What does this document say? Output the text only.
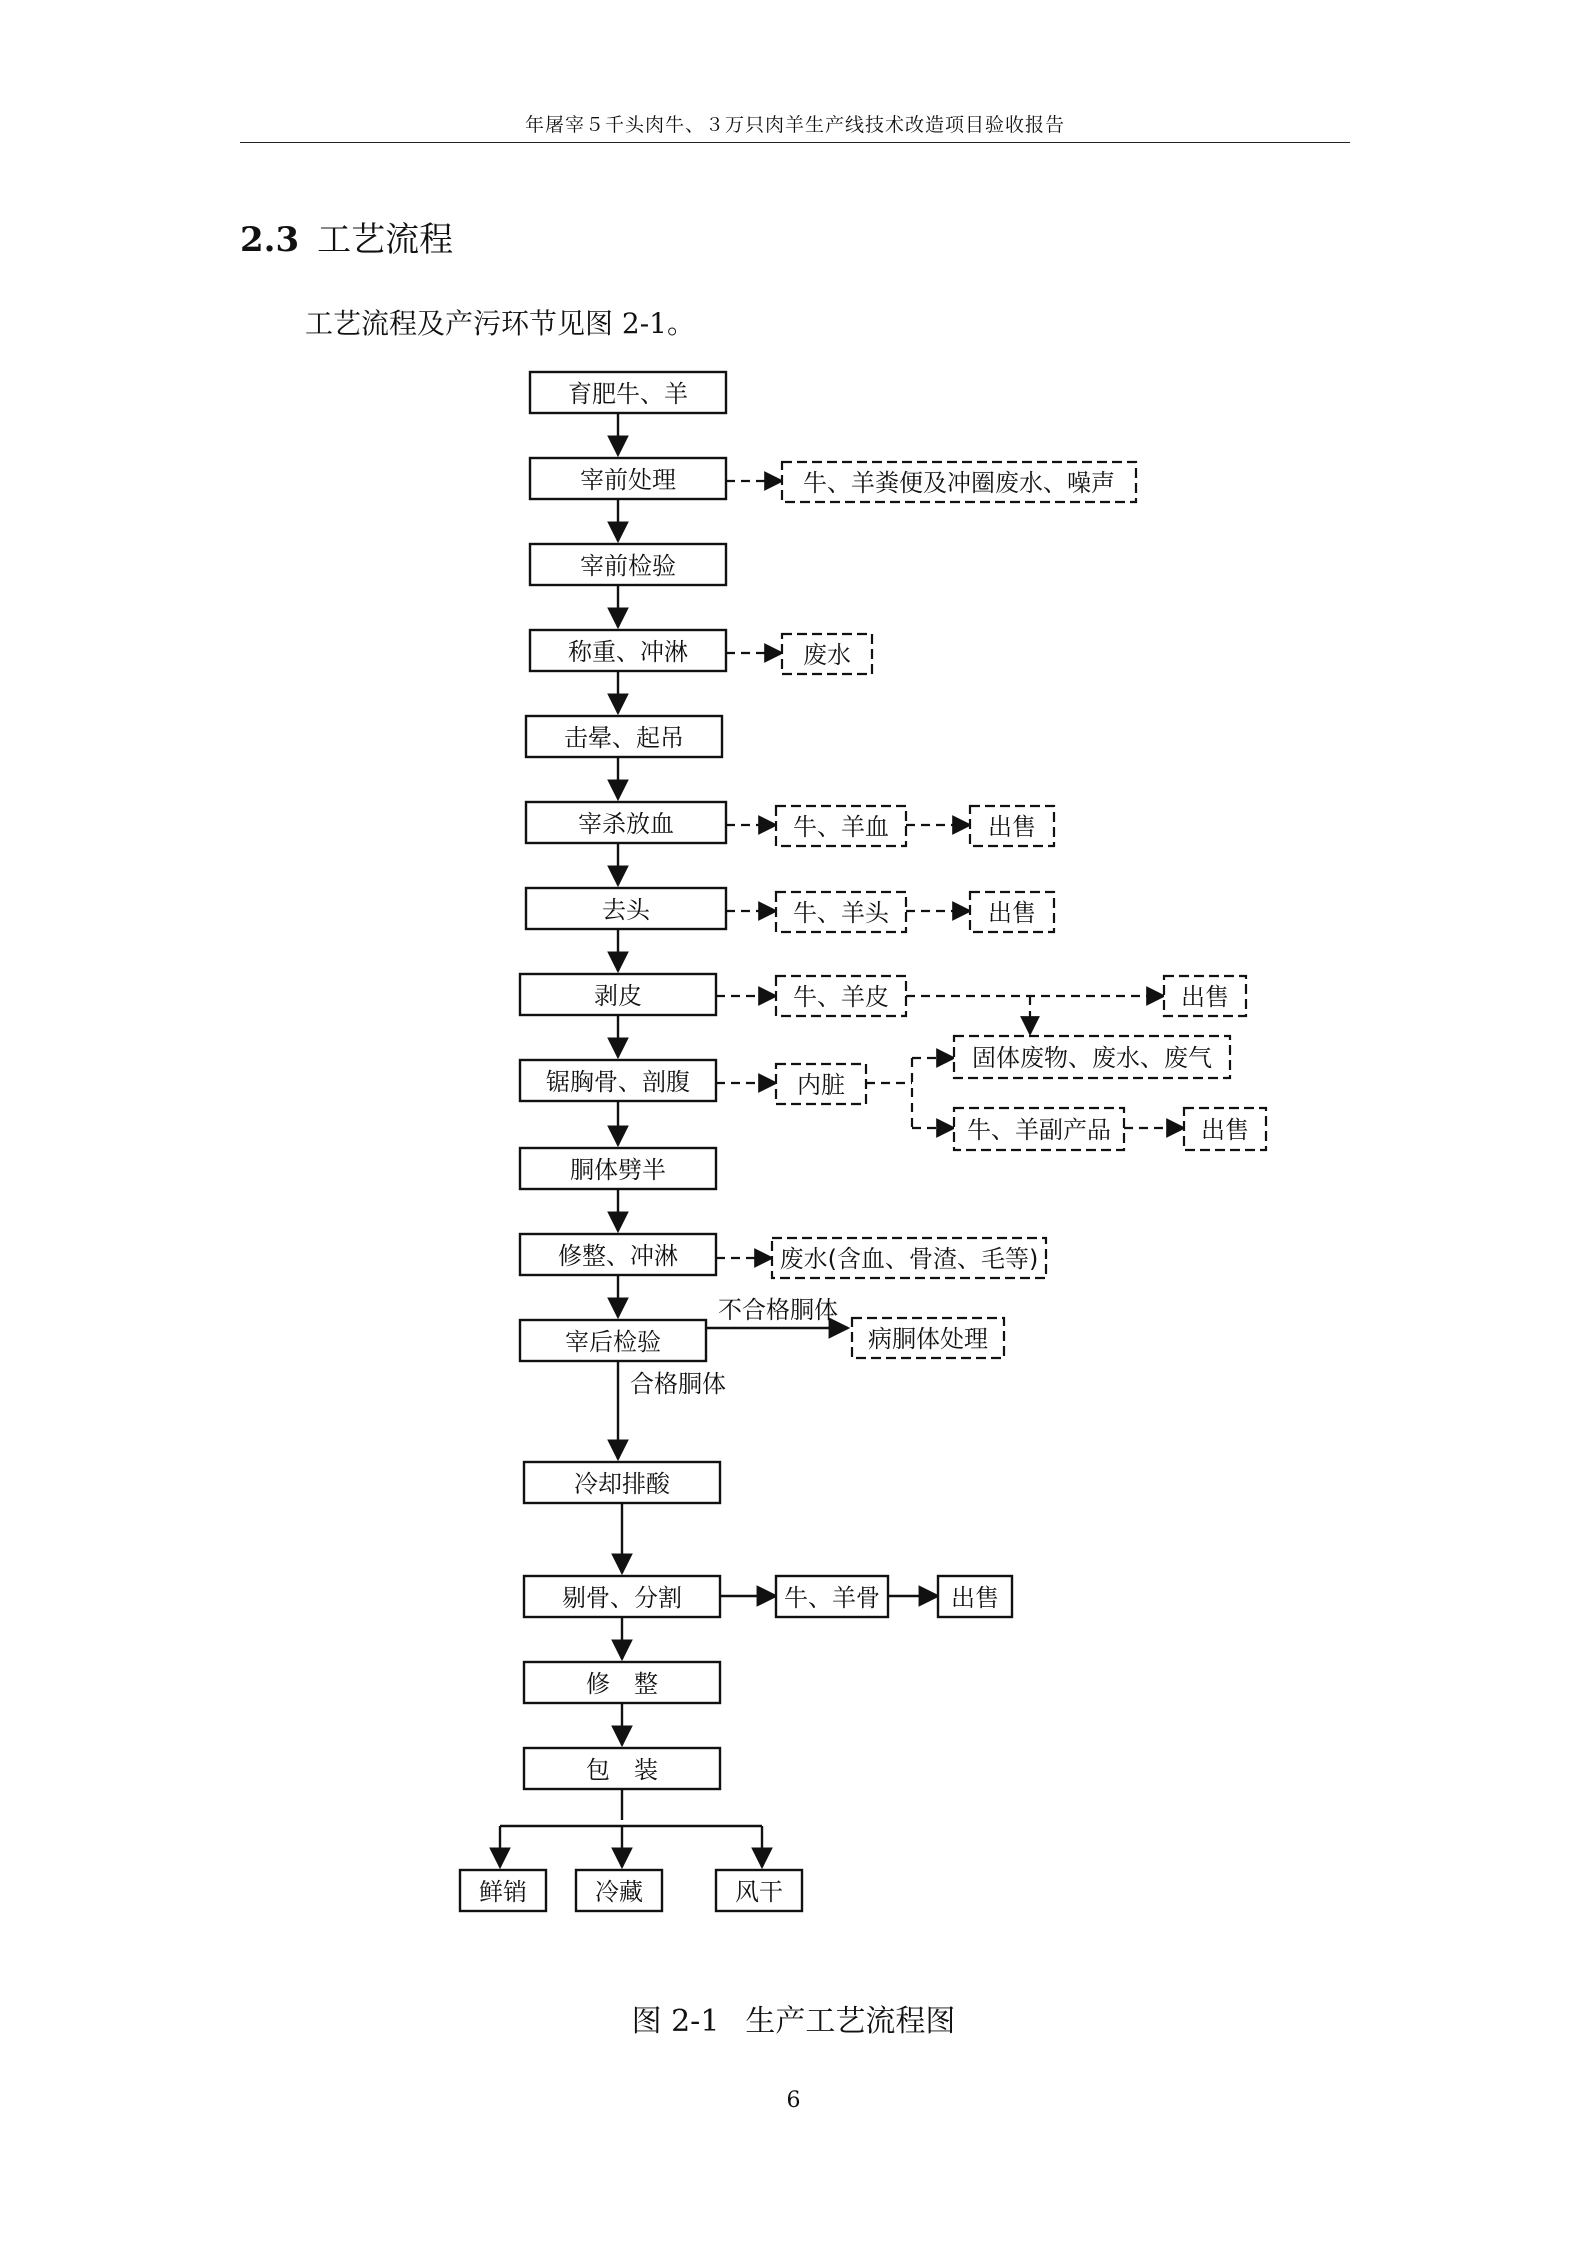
年屠宰５千头肉牛、３万只肉羊生产线技术改造项目验收报告
2.3 工艺流程
工艺流程及产污环节见图 2-1。
育肥牛、羊
宰前处理
宰前检验
称重、冲淋
击晕、起吊
宰杀放血
去头
剥皮
锯胸骨、剖腹
胴体劈半
修整、冲淋
宰后检验
冷却排酸
剔骨、分割
修　整
包　装
鲜销	冷藏	风干
牛、羊骨	出售
牛、羊粪便及冲圈废水、噪声
废水
牛、羊血	出售
牛、羊头	出售
牛、羊皮	出售
内脏
固体废物、废水、废气
牛、羊副产品	出售
废水(含血、骨渣、毛等)
病胴体处理
不合格胴体
合格胴体
图 2-1 生产工艺流程图
6
